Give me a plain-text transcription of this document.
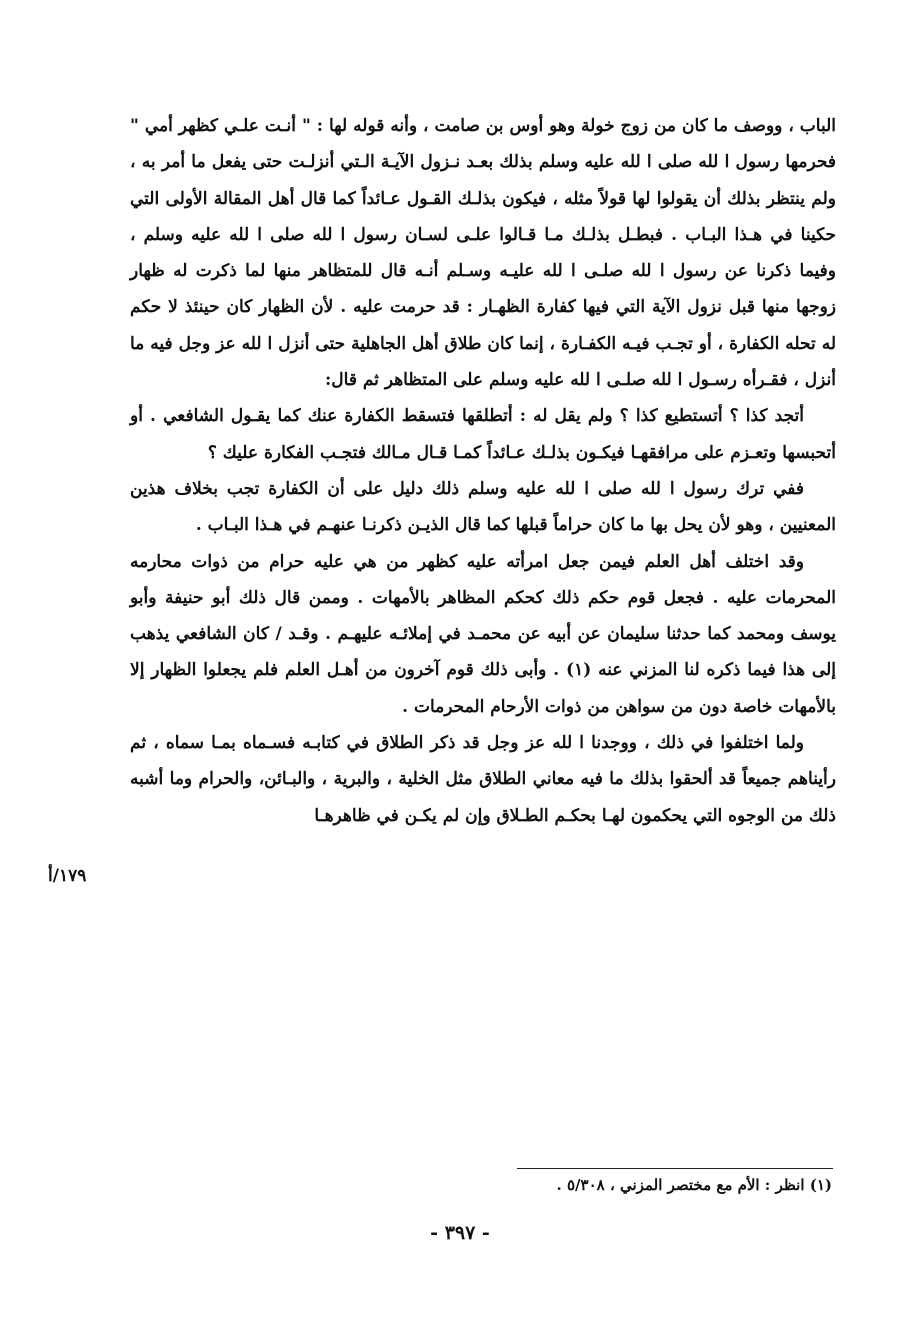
الباب ، ووصف ما كان من زوج خولة وهو أوس بن صامت ، وأنه قوله لها : " أنـت علـي كظهر أمي " فحرمها رسول ا لله صلى ا لله عليه وسلم بذلك بعـد نـزول الآيـة الـتي أنزلـت حتى يفعل ما أمر به ، ولم ينتظر بذلك أن يقولوا لها قولاً مثله ، فيكون بذلـك القـول عـائداً كما قال أهل المقالة الأولى التي حكينا في هـذا البـاب . فبطـل بذلـك مـا قـالوا علـى لسـان رسول ا لله صلى ا لله عليه وسلم ، وفيما ذكرنا عن رسول ا لله صلـى ا لله عليـه وسـلم أنـه قال للمتظاهر منها لما ذكرت له ظهار زوجها منها قبل نزول الآية التي فيها كفارة الظهـار : قد حرمت عليه . لأن الظهار كان حينئذ لا حكم له تحله الكفارة ، أو تجـب فيـه الكفـارة ، إنما كان طلاق أهل الجاهلية حتى أنزل ا لله عز وجل فيه ما أنزل ، فقـرأه رسـول ا لله صلـى ا لله عليه وسلم على المتظاهر ثم قال:

أتجد كذا ؟ أتستطيع كذا ؟ ولم يقل له : أتطلقها فتسقط الكفارة عنك كما يقـول الشافعي . أو أتحبسها وتعـزم على مرافقهـا فيكـون بذلـك عـائداً كمـا قـال مـالك فتجـب الفكارة عليك ؟

ففي ترك رسول ا لله صلى ا لله عليه وسلم ذلك دليل على أن الكفارة تجب بخلاف هذين المعنيين ، وهو لأن يحل بها ما كان حراماً قبلها كما قال الذيـن ذكرنـا عنهـم في هـذا البـاب .

وقد اختلف أهل العلم فيمن جعل امرأته عليه كظهر من هي عليه حرام من ذوات محارمه المحرمات عليه . فجعل قوم حكم ذلك كحكم المظاهر بالأمهات . وممن قال ذلك أبو حنيفة وأبو يوسف ومحمد كما حدثنا سليمان عن أبيه عن محمـد في إملائـه عليهـم . وقـد / كان الشافعي يذهب إلى هذا فيما ذكره لنا المزني عنه (١) . وأبى ذلك قوم آخرون من أهـل العلم فلم يجعلوا الظهار إلا بالأمهات خاصة دون من سواهن من ذوات الأرحام المحرمات .

ولما اختلفوا في ذلك ، ووجدنا ا لله عز وجل قد ذكر الطلاق في كتابـه فسـماه بمـا سماه ، ثم رأيناهم جميعاً قد ألحقوا بذلك ما فيه معاني الطلاق مثل الخلية ، والبرية ، والبـائن، والحرام وما أشبه ذلك من الوجوه التي يحكمون لهـا بحكـم الطـلاق وإن لم يكـن في ظاهرهـا

١٧٩/أ
(١) انظر : الأم مع مختصر المزني ، ٥/٣٠٨ .
- ٣٩٧ -
